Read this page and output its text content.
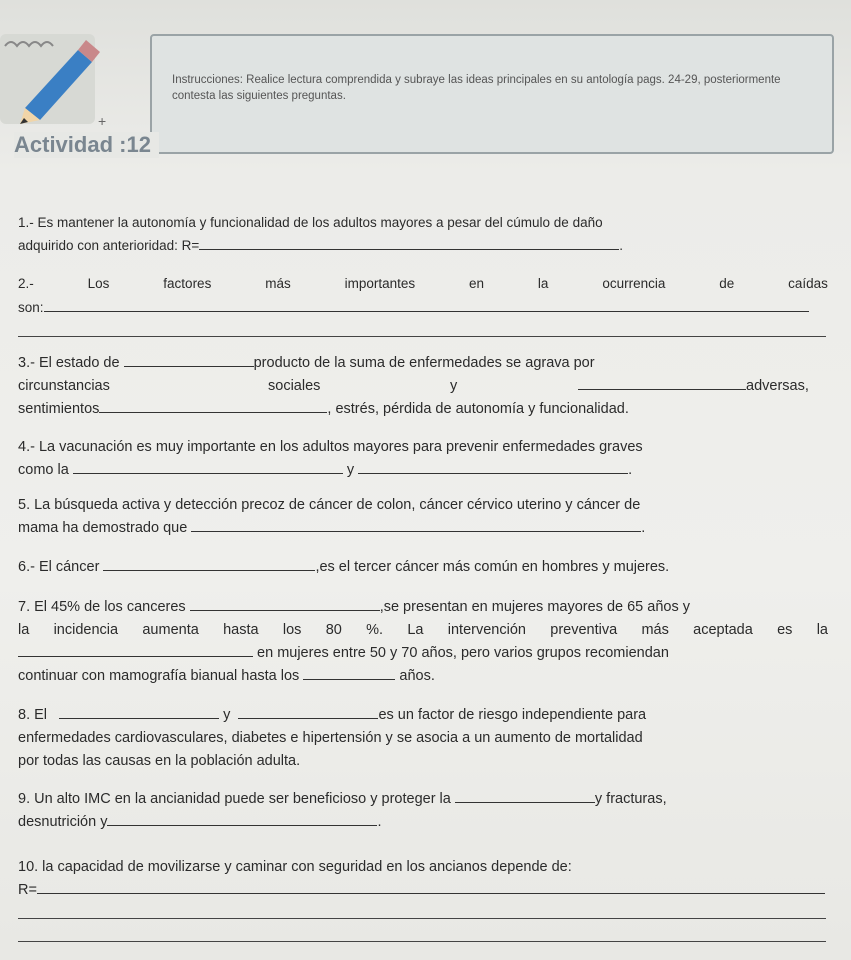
+
Instrucciones: Realice lectura comprendida y subraye las ideas principales en su antología pags. 24-29, posteriormente contesta las siguientes preguntas.
Actividad :12
1.- Es mantener la autonomía y funcionalidad de los adultos mayores a pesar del cúmulo de daño
adquirido con anterioridad: R=	.
2.-	Los	factores	más	importantes	en	la	ocurrencia	de	caídas
son:
3.- El estado de	producto de la suma de enfermedades se agrava por
circunstancias	sociales	y	adversas,
sentimientos	, estrés, pérdida de autonomía y funcionalidad.
4.- La vacunación es muy importante en los adultos mayores para prevenir enfermedades graves
como la	y	.
5. La búsqueda activa y detección precoz de cáncer de colon, cáncer cérvico uterino y cáncer de
mama ha demostrado que	.
6.- El cáncer	,es el tercer cáncer más común en hombres y mujeres.
7. El 45% de los canceres	,se presentan en mujeres mayores de 65 años y
la incidencia aumenta hasta los 80 %. La intervención preventiva más aceptada es la
en mujeres entre 50 y 70 años, pero varios grupos recomiendan
continuar con mamografía bianual hasta los	años.
8. El	y	es un factor de riesgo independiente para
enfermedades cardiovasculares, diabetes e hipertensión y se asocia a un aumento de mortalidad
por todas las causas en la población adulta.
9. Un alto IMC en la ancianidad puede ser beneficioso y proteger la	y fracturas,
desnutrición y	.
10. la capacidad de movilizarse y caminar con seguridad en los ancianos depende de:
R=
